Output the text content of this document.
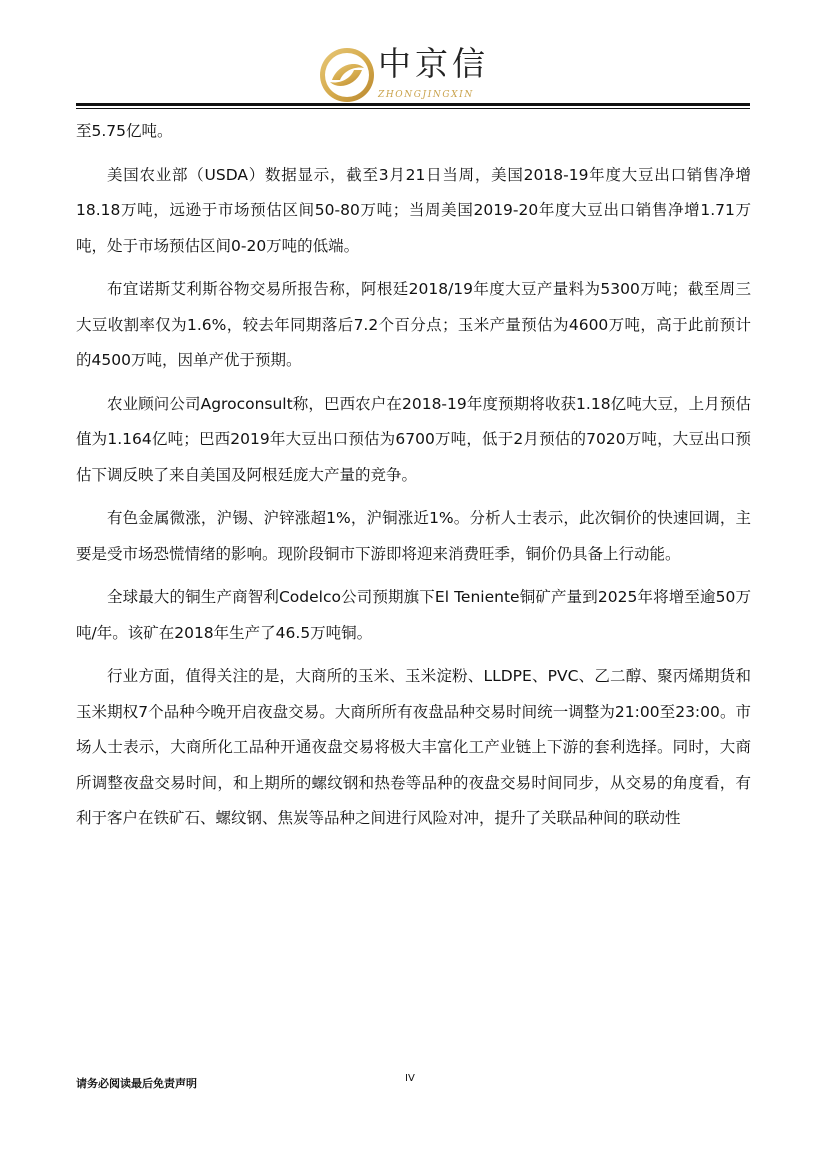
中京信
ZHONGJINGXIN

至5.75亿吨。

美国农业部（USDA）数据显示，截至3月21日当周，美国2018-19年度大豆出口销售净增18.18万吨，远逊于市场预估区间50-80万吨；当周美国2019-20年度大豆出口销售净增1.71万吨，处于市场预估区间0-20万吨的低端。

布宜诺斯艾利斯谷物交易所报告称，阿根廷2018/19年度大豆产量料为5300万吨；截至周三大豆收割率仅为1.6%，较去年同期落后7.2个百分点；玉米产量预估为4600万吨，高于此前预计的4500万吨，因单产优于预期。

农业顾问公司Agroconsult称，巴西农户在2018-19年度预期将收获1.18亿吨大豆，上月预估值为1.164亿吨；巴西2019年大豆出口预估为6700万吨，低于2月预估的7020万吨，大豆出口预估下调反映了来自美国及阿根廷庞大产量的竞争。

有色金属微涨，沪锡、沪锌涨超1%，沪铜涨近1%。分析人士表示，此次铜价的快速回调，主要是受市场恐慌情绪的影响。现阶段铜市下游即将迎来消费旺季，铜价仍具备上行动能。

全球最大的铜生产商智利Codelco公司预期旗下El Teniente铜矿产量到2025年将增至逾50万吨/年。该矿在2018年生产了46.5万吨铜。

行业方面，值得关注的是，大商所的玉米、玉米淀粉、LLDPE、PVC、乙二醇、聚丙烯期货和玉米期权7个品种今晚开启夜盘交易。大商所所有夜盘品种交易时间统一调整为21:00至23:00。市场人士表示，大商所化工品种开通夜盘交易将极大丰富化工产业链上下游的套利选择。同时，大商所调整夜盘交易时间，和上期所的螺纹钢和热卷等品种的夜盘交易时间同步，从交易的角度看，有利于客户在铁矿石、螺纹钢、焦炭等品种之间进行风险对冲，提升了关联品种间的联动性

请务必阅读最后免责声明	IV
